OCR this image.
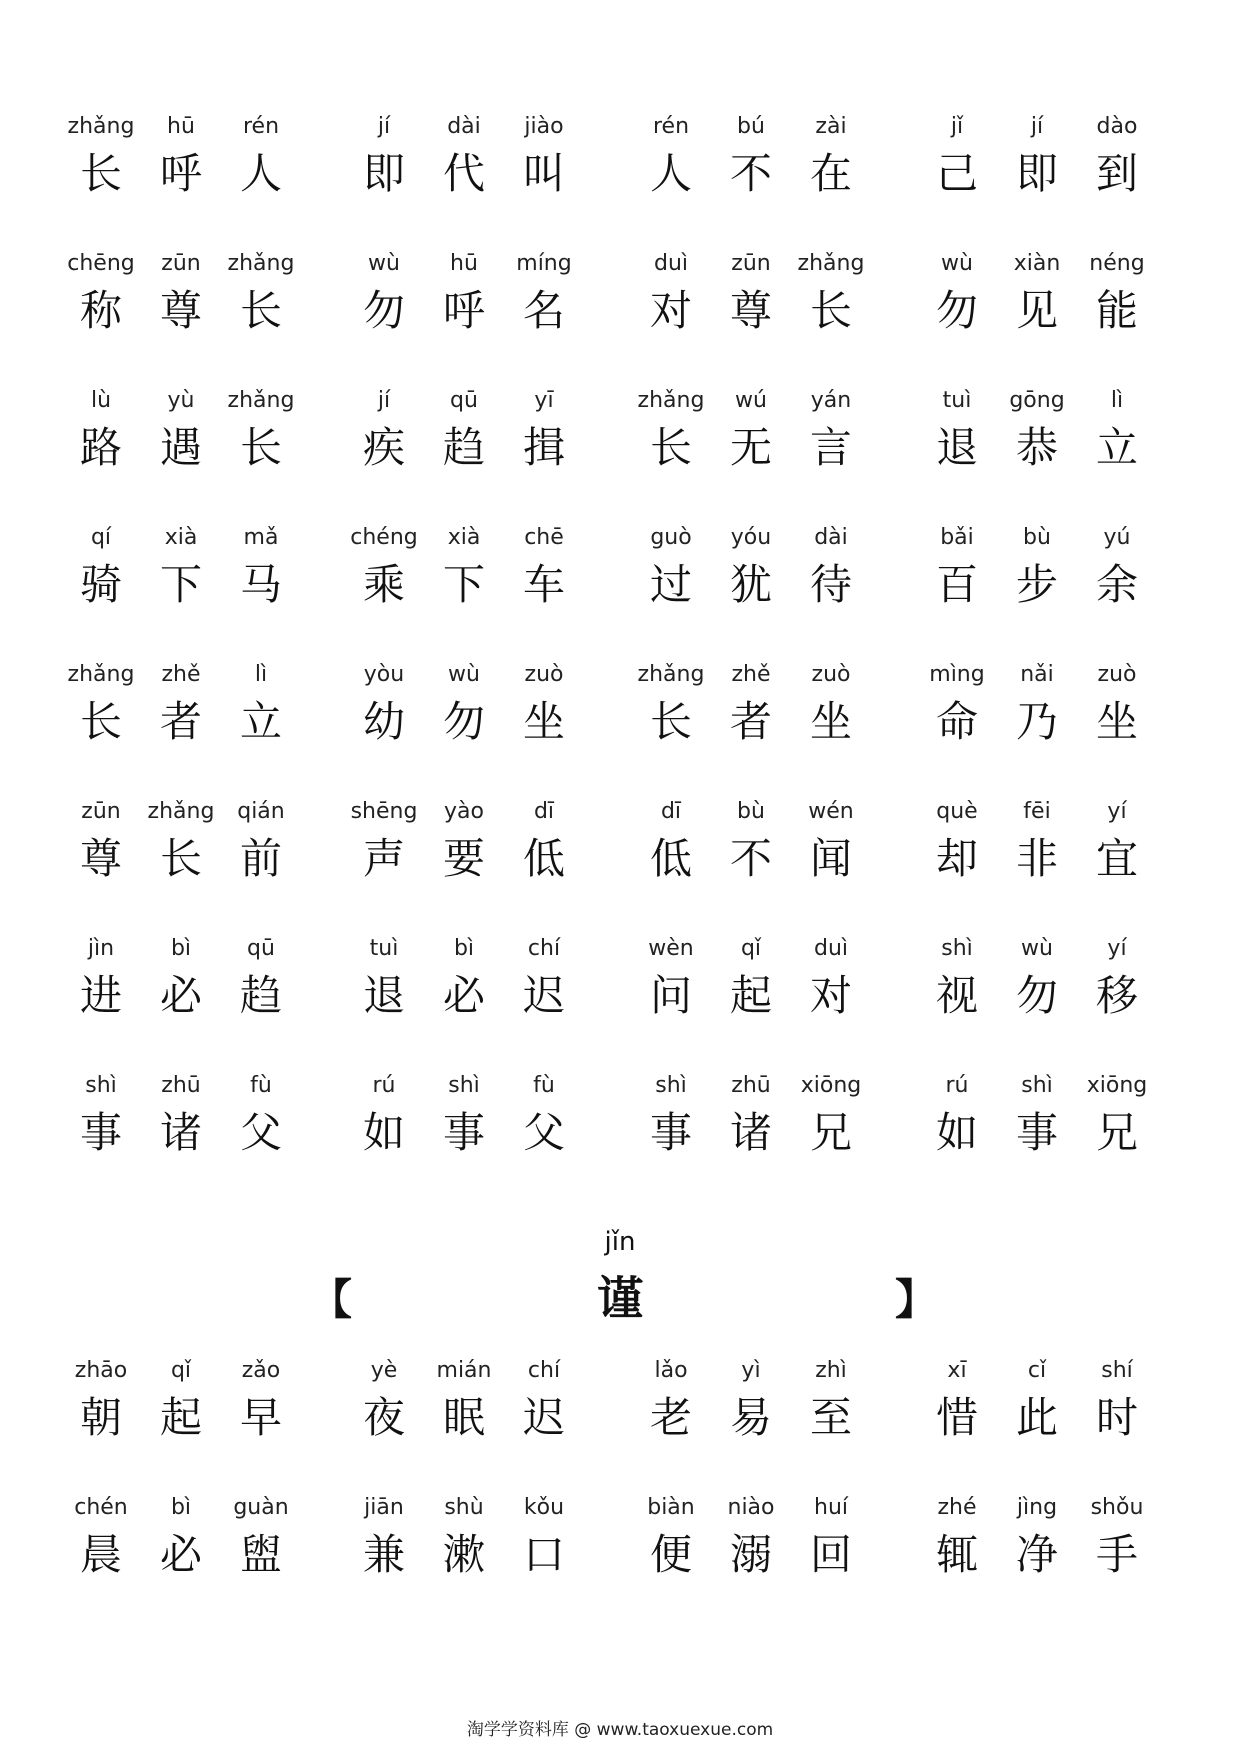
zhǎng
长
hū
呼
rén
人
jí
即
dài
代
jiào
叫
rén
人
bú
不
zài
在
jǐ
己
jí
即
dào
到
chēng
称
zūn
尊
zhǎng
长
wù
勿
hū
呼
míng
名
duì
对
zūn
尊
zhǎng
长
wù
勿
xiàn
见
néng
能
lù
路
yù
遇
zhǎng
长
jí
疾
qū
趋
yī
揖
zhǎng
长
wú
无
yán
言
tuì
退
gōng
恭
lì
立
qí
骑
xià
下
mǎ
马
chéng
乘
xià
下
chē
车
guò
过
yóu
犹
dài
待
bǎi
百
bù
步
yú
余
zhǎng
长
zhě
者
lì
立
yòu
幼
wù
勿
zuò
坐
zhǎng
长
zhě
者
zuò
坐
mìng
命
nǎi
乃
zuò
坐
zūn
尊
zhǎng
长
qián
前
shēng
声
yào
要
dī
低
dī
低
bù
不
wén
闻
què
却
fēi
非
yí
宜
jìn
进
bì
必
qū
趋
tuì
退
bì
必
chí
迟
wèn
问
qǐ
起
duì
对
shì
视
wù
勿
yí
移
shì
事
zhū
诸
fù
父
rú
如
shì
事
fù
父
shì
事
zhū
诸
xiōng
兄
rú
如
shì
事
xiōng
兄
jǐn
【	谨	】
zhāo
朝
qǐ
起
zǎo
早
yè
夜
mián
眠
chí
迟
lǎo
老
yì
易
zhì
至
xī
惜
cǐ
此
shí
时
chén
晨
bì
必
guàn
盥
jiān
兼
shù
漱
kǒu
口
biàn
便
niào
溺
huí
回
zhé
辄
jìng
净
shǒu
手
淘学学资料库 @ www.taoxuexue.com
